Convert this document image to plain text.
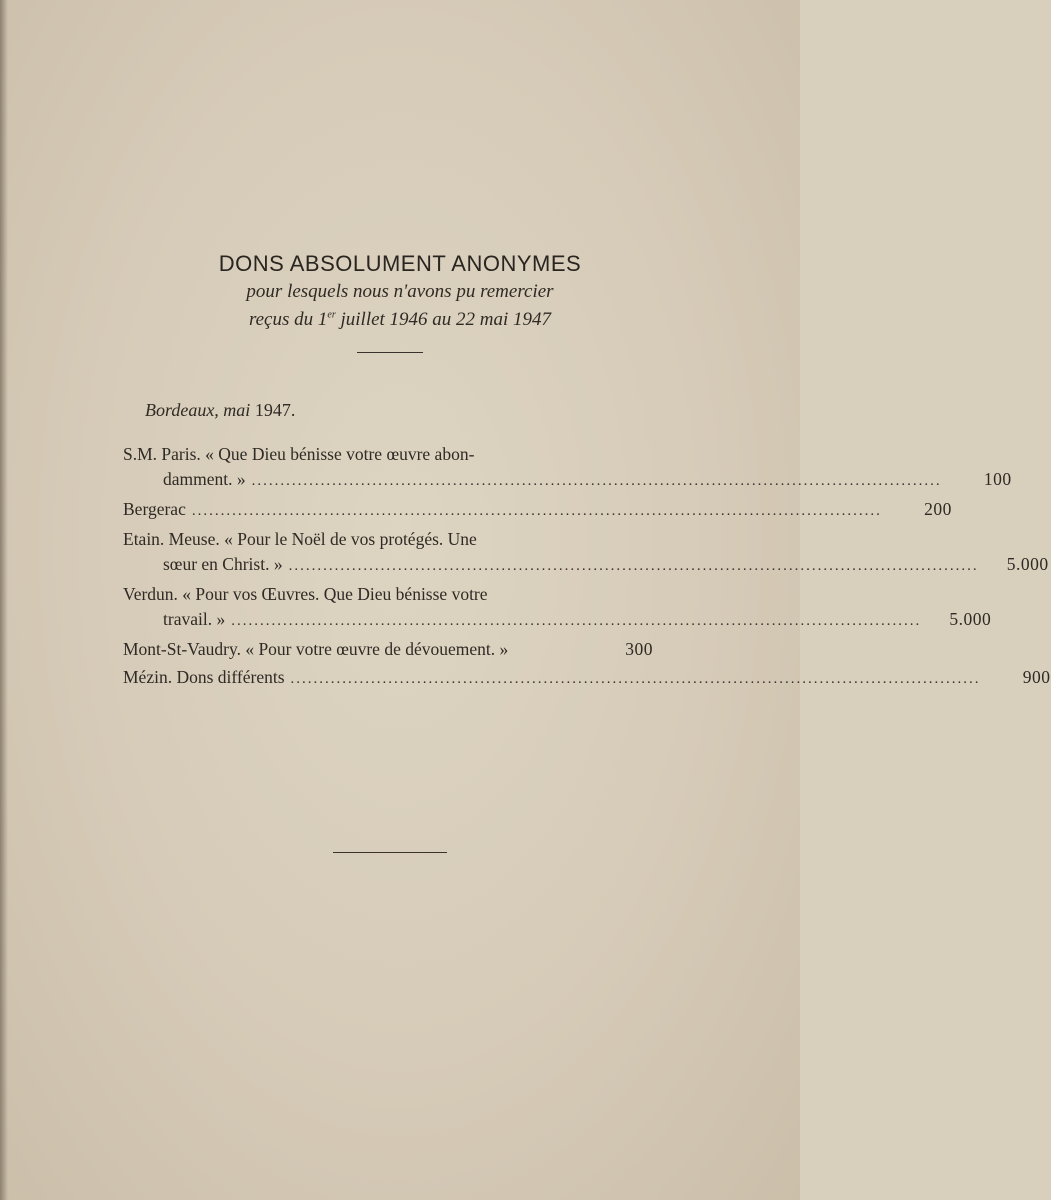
DONS ABSOLUMENT ANONYMES
pour lesquels nous n'avons pu remercier
reçus du 1er juillet 1946 au 22 mai 1947
Bordeaux, mai 1947.
S.M. Paris. « Que Dieu bénisse votre œuvre abon-
damment. » ........................................................................................................................	100
Bergerac ........................................................................................................................	200
Etain. Meuse. « Pour le Noël de vos protégés. Une
sœur en Christ. » ........................................................................................................................	5.000
Verdun. « Pour vos Œuvres. Que Dieu bénisse votre
travail. » ........................................................................................................................	5.000
Mont-St-Vaudry. « Pour votre œuvre de dévouement. »	300
Mézin. Dons différents ........................................................................................................................	900
